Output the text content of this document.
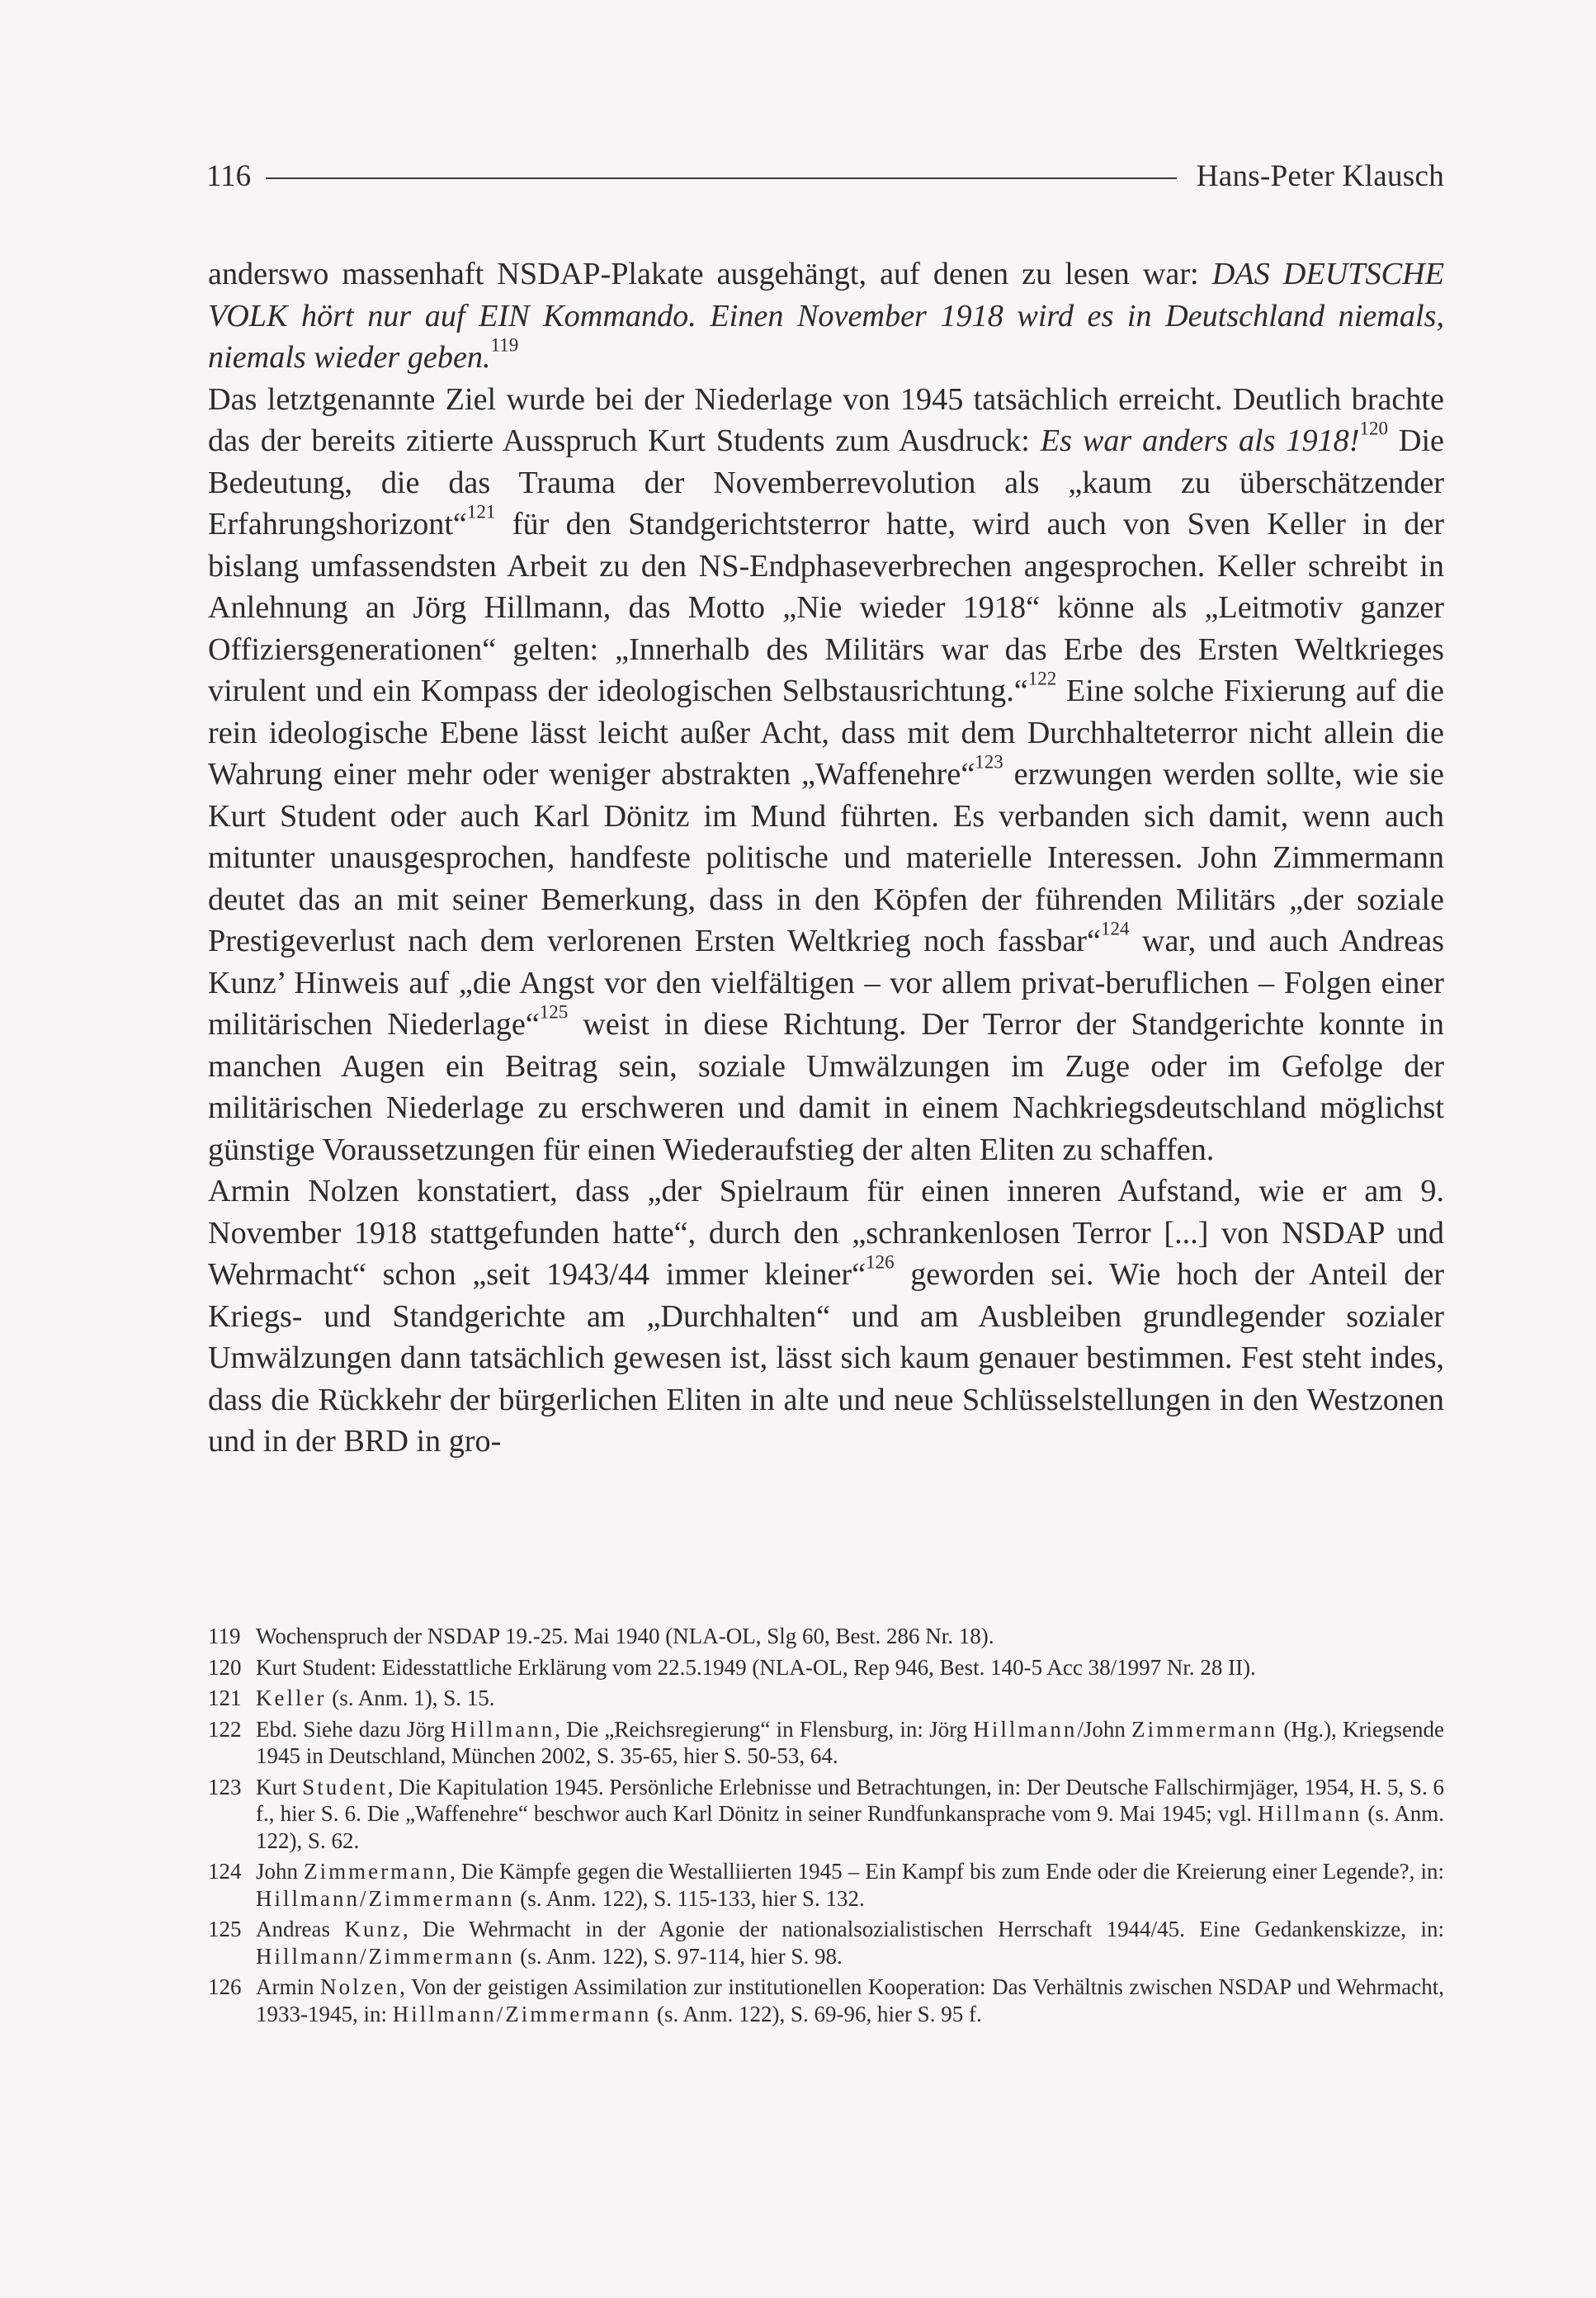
116	Hans-Peter Klausch

anderswo massenhaft NSDAP-Plakate ausgehängt, auf denen zu lesen war: DAS DEUTSCHE VOLK hört nur auf EIN Kommando. Einen November 1918 wird es in Deutschland niemals, niemals wieder geben.$^{119}$

Das letztgenannte Ziel wurde bei der Niederlage von 1945 tatsächlich erreicht. Deutlich brachte das der bereits zitierte Ausspruch Kurt Students zum Ausdruck: Es war anders als 1918!$^{120}$ Die Bedeutung, die das Trauma der Novemberrevolution als „kaum zu überschätzender Erfahrungshorizont“$^{121}$ für den Standgerichtsterror hatte, wird auch von Sven Keller in der bislang umfassendsten Arbeit zu den NS-Endphaseverbrechen angesprochen. Keller schreibt in Anlehnung an Jörg Hillmann, das Motto „Nie wieder 1918“ könne als „Leitmotiv ganzer Offiziersgenerationen“ gelten: „Innerhalb des Militärs war das Erbe des Ersten Weltkrieges virulent und ein Kompass der ideologischen Selbstausrichtung.“$^{122}$ Eine solche Fixierung auf die rein ideologische Ebene lässt leicht außer Acht, dass mit dem Durchhalteterror nicht allein die Wahrung einer mehr oder weniger abstrakten „Waffenehre“$^{123}$ erzwungen werden sollte, wie sie Kurt Student oder auch Karl Dönitz im Mund führten. Es verbanden sich damit, wenn auch mitunter unausgesprochen, handfeste politische und materielle Interessen. John Zimmermann deutet das an mit seiner Bemerkung, dass in den Köpfen der führenden Militärs „der soziale Prestigeverlust nach dem verlorenen Ersten Weltkrieg noch fassbar“$^{124}$ war, und auch Andreas Kunz’ Hinweis auf „die Angst vor den vielfältigen – vor allem privat-beruflichen – Folgen einer militärischen Niederlage“$^{125}$ weist in diese Richtung. Der Terror der Standgerichte konnte in manchen Augen ein Beitrag sein, soziale Umwälzungen im Zuge oder im Gefolge der militärischen Niederlage zu erschweren und damit in einem Nachkriegsdeutschland möglichst günstige Voraussetzungen für einen Wiederaufstieg der alten Eliten zu schaffen.

Armin Nolzen konstatiert, dass „der Spielraum für einen inneren Aufstand, wie er am 9. November 1918 stattgefunden hatte“, durch den „schrankenlosen Terror [...] von NSDAP und Wehrmacht“ schon „seit 1943/44 immer kleiner“$^{126}$ geworden sei. Wie hoch der Anteil der Kriegs- und Standgerichte am „Durchhalten“ und am Ausbleiben grundlegender sozialer Umwälzungen dann tatsächlich gewesen ist, lässt sich kaum genauer bestimmen. Fest steht indes, dass die Rückkehr der bürgerlichen Eliten in alte und neue Schlüsselstellungen in den Westzonen und in der BRD in gro-

119 Wochenspruch der NSDAP 19.-25. Mai 1940 (NLA-OL, Slg 60, Best. 286 Nr. 18).
120 Kurt Student: Eidesstattliche Erklärung vom 22.5.1949 (NLA-OL, Rep 946, Best. 140-5 Acc 38/1997 Nr. 28 II).
121 Keller (s. Anm. 1), S. 15.
122 Ebd. Siehe dazu Jörg Hillmann, Die „Reichsregierung“ in Flensburg, in: Jörg Hillmann/John Zimmermann (Hg.), Kriegsende 1945 in Deutschland, München 2002, S. 35-65, hier S. 50-53, 64.
123 Kurt Student, Die Kapitulation 1945. Persönliche Erlebnisse und Betrachtungen, in: Der Deutsche Fallschirmjäger, 1954, H. 5, S. 6 f., hier S. 6. Die „Waffenehre“ beschwor auch Karl Dönitz in seiner Rundfunkansprache vom 9. Mai 1945; vgl. Hillmann (s. Anm. 122), S. 62.
124 John Zimmermann, Die Kämpfe gegen die Westalliierten 1945 – Ein Kampf bis zum Ende oder die Kreierung einer Legende?, in: Hillmann/Zimmermann (s. Anm. 122), S. 115-133, hier S. 132.
125 Andreas Kunz, Die Wehrmacht in der Agonie der nationalsozialistischen Herrschaft 1944/45. Eine Gedankenskizze, in: Hillmann/Zimmermann (s. Anm. 122), S. 97-114, hier S. 98.
126 Armin Nolzen, Von der geistigen Assimilation zur institutionellen Kooperation: Das Verhältnis zwischen NSDAP und Wehrmacht, 1933-1945, in: Hillmann/Zimmermann (s. Anm. 122), S. 69-96, hier S. 95 f.
